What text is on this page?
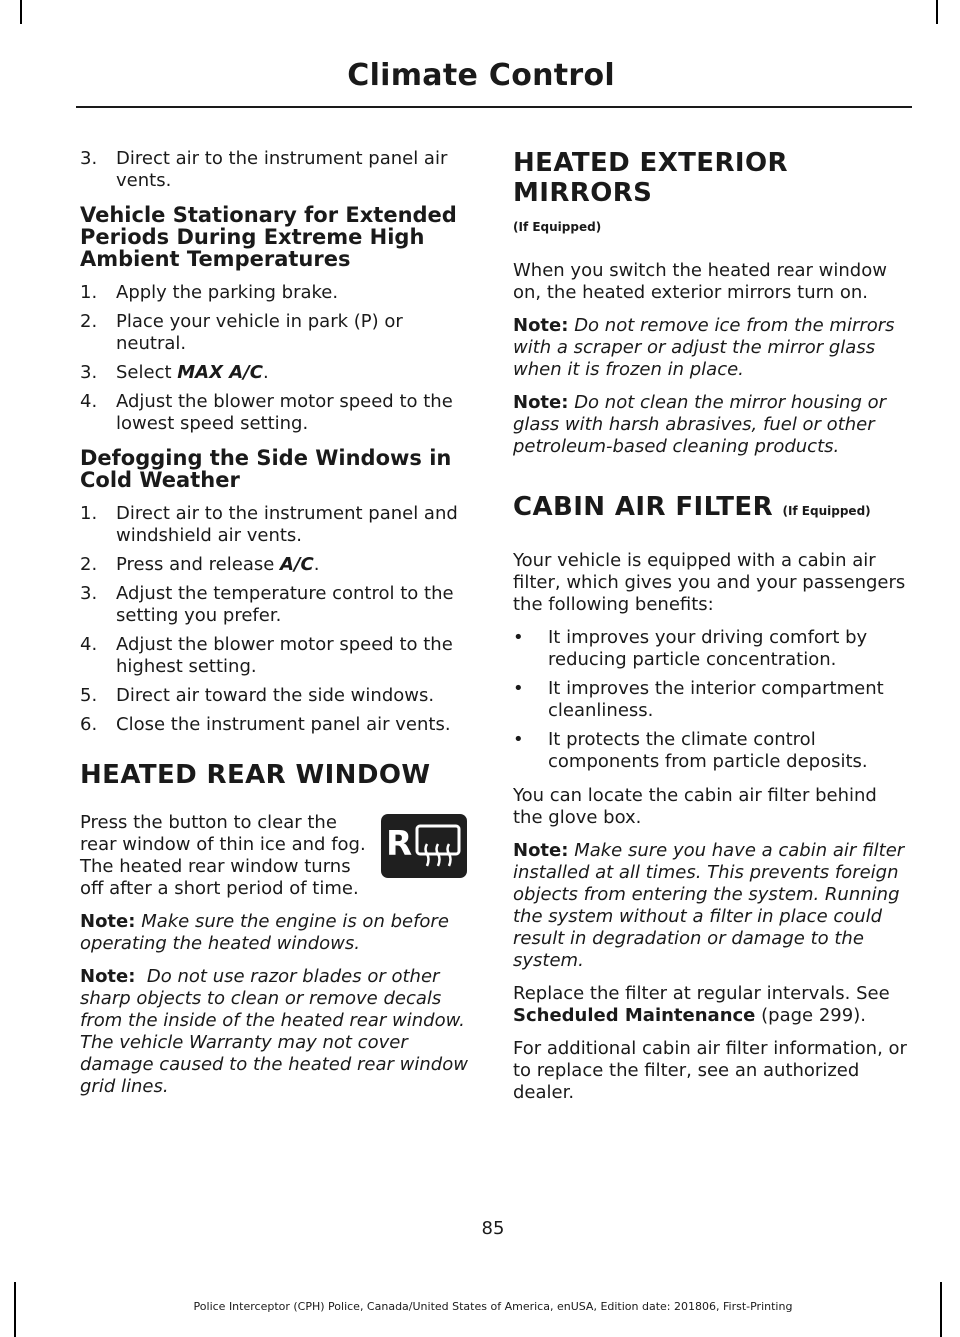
Climate Control
3. Direct air to the instrument panel air vents.
Vehicle Stationary for Extended Periods During Extreme High Ambient Temperatures
1. Apply the parking brake.
2. Place your vehicle in park (P) or neutral.
3. Select MAX A/C.
4. Adjust the blower motor speed to the lowest speed setting.
Defogging the Side Windows in Cold Weather
1. Direct air to the instrument panel and windshield air vents.
2. Press and release A/C.
3. Adjust the temperature control to the setting you prefer.
4. Adjust the blower motor speed to the highest setting.
5. Direct air toward the side windows.
6. Close the instrument panel air vents.
HEATED REAR WINDOW
R

Press the button to clear the rear window of thin ice and fog. The heated rear window turns off after a short period of time.

Note: Make sure the engine is on before operating the heated windows.

Note: Do not use razor blades or other sharp objects to clean or remove decals from the inside of the heated rear window. The vehicle Warranty may not cover damage caused to the heated rear window grid lines.

HEATED EXTERIOR MIRRORS
(If Equipped)

When you switch the heated rear window on, the heated exterior mirrors turn on.

Note: Do not remove ice from the mirrors with a scraper or adjust the mirror glass when it is frozen in place.

Note: Do not clean the mirror housing or glass with harsh abrasives, fuel or other petroleum-based cleaning products.

CABIN AIR FILTER (If Equipped)

Your vehicle is equipped with a cabin air filter, which gives you and your passengers the following benefits:

• It improves your driving comfort by reducing particle concentration.
• It improves the interior compartment cleanliness.
• It protects the climate control components from particle deposits.

You can locate the cabin air filter behind the glove box.

Note: Make sure you have a cabin air filter installed at all times. This prevents foreign objects from entering the system. Running the system without a filter in place could result in degradation or damage to the system.

Replace the filter at regular intervals. See
Scheduled Maintenance (page 299).

For additional cabin air filter information, or to replace the filter, see an authorized dealer.

85
Police Interceptor (CPH) Police, Canada/United States of America, enUSA, Edition date: 201806, First-Printing
